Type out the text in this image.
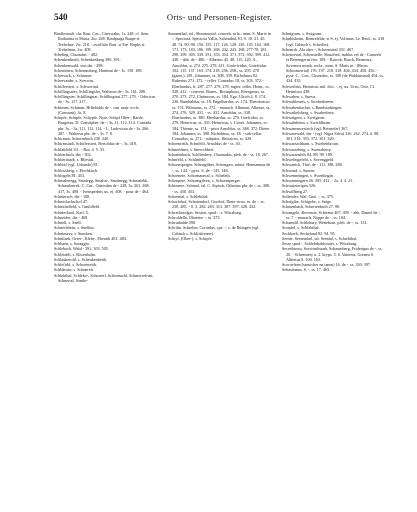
540	Orts- und Personen-Register.
Bindlesmah, chr. Rast. Cas., Ciserwahn, 1s. 248. cf. Sem. Ratharina et Maria, 2to. 248. Bindpurga Raape et Trehobne. 2w. 218. - zwölfahr Rast. st Ere. Rupbs st Trebelrinn, 2w. 408.
Scheling, Chunsdnt. - 482.
Schenkenberth, Schenkenberg 390. 391.
Schenkenwald, von der - 298.
Schernbern, Schernmberg, Hartmut de - 3s. 158. 188.
Schersack, s. Schirmer.
Schervaider, s. Scerwin.
Schiffersteri, s. Schwerind.
Schillingsafer, Schillingsfer, Walterus de - 3s. 161. 286.
Schillingster, Schillingstat, Schillingtrat 277. 279. - Odoricus de - 3s. 117. 217.
Schimen, Schimm, Hillebolds de -, can. majr. eccle. (Constant), 3s. 8.
Schipfe, Schipfe, Schypfe. Nyte, Schipf Ober-, Barde, Burgerau, D. Constipber. de -, 3s. 11. 112. 114. Conrada pbr. 3s. - 3s. 111. 112. 114. - L. Ludovicus de - 3s. 266. 287. - Walterus pbr. de -, 3s. 7. 8.
Schirmen, Schormbach 238. 240.
Schirmstadt, Schiffersteri, Bertoldus de -, 3s. 418.
Schlattfeld 111. - Rrn. 4. 5. 35.
Schlierbach, der - 302.
Schlieristadt, s. Bliestal.
Schlitzf (vgl. Urkunde) 81.
Schlossberg, s. Hochkirch.
Schlogeln 81. 453.
Schmalenegg, Smalegg, Smalrn-, Smalnegg, Schmalekk, Schmalenrek, C. Cur., Ottersdan de - 228, 3s. 261. 268. 417, 3s. 408. - Ivensperhtis ux. ej. 408. - pour de - 464.
Schmerach, die - 180.
Schmirlachschof 47.
Schmittelfeld, s. Gmildfeld.
Schnieckuel, Karl. 5.
Schneider, die - 469.
Schnell, s. Snell.
Schnerlehrin, s. Snelhin.
Schnimzvy, s. Snerken.
Schnilaek, Orrer-, Klein-, Eheraik 481. 484.
Schbaen, s. Soragglu.
Schlebach, Wald - 391. 303. 505.
Schleideli, s. Rosenholm.
Schlauherold, s. Schenkenberth.
Schlefirld, s. Schoenreith.
Schldesrin, s. Schnereit.
Schlebthal, Schlebo-, Schorrerl, Schoenachl, Schmerselrust, Schnertal, Sonthr-
Sonnenthal, tal., Sheonerntal, conweb, ncla., mim. S. Marie in -, Speciosa, Speciosa Vallis, Schönthal, El. 9. 10. 21. 45. 48. 74. 90. 98. 150. 155. 117. 126. 128. 130. 135. 164. 168. 171. 173. 183. 186. 199. 268. 242. 243. 268. 277-78. 281. 298. 299. 305. 339. 351. 353. 354. 371. 372. 392. 399. 412. 438. - abb. de - 486. - Albertus 45. 48. 115. 220. A., Arnoldus, u. 274. 275. 278. 411. Gode-fridus, Gotefridus 102. 115. 137. 163. 174. 218. 256. 258., ss. 205. 278 (gazet.). 281. Johannes, ss. 308. 339. Richolmus 82. Rubertus 271. 272. - celler. Conradus 18, ss. 303. 372. - Eberhardus, fr. 287. 277. 279. 278. mgter. celler. Heinr., ss. 328. 412. - convera. Bones., Borinphous, Boengrous, ss. 270. 273. 272. Chrimorus, ss. 184. Ego. Ulrich 4. 8. 174. 230. Rumbaldus, ss. 18. Engelhardus, ss. 174. Theodoricus ss. 174. Wilmarus, ss. 272. - monach. Albrmus, Alberae, ss. 274. 276. 329. 431. - ss. 431. Arnoldus, ss. 338. Eberhardus, ss. 380. Eberhardus, ss. 270. Goefridus, ss. 279. Heinricus, ss. 431. Heinricus, s. Crises. Johannes, ss. 184. Thieme, ss. 174. - prior Arnoldus, ss. 368. 372. Dieter 184. Johannes, ss. 398. Richolmus, ss. 18. - sub-cellar. Conradus, ss. 271. - subprior. Heinricus, ss. 329.
Schoenreith, Schnfeld, Arnoldus de - ss. 30.
Schnerbbert, s. Snewchbert.
Schonenbach, Schlienbery, Chunradus, pleb. de - ss. 18. 267.
Schnfeld, s. Schlinfeld.
Schoensperger, Schongüber, Schongaw, minst. Hermannus de -, ss. 144. - pyez. S. de - 145. 148.
Schoenere, Schoenaueral, s. Scheleth.
Schenpere, Schoengilven, s. Schoensperger.
Schienere, Schrnal, tal. C. Stpisch, Othertus pbr. de -, ss. 408. - ss. 430. 453.
Schoental, s. Schlebthal.
Schorlohof, Schorendorf, Gordorf, Diete-ricus, ss. de -, ss. 258. 285. - 0. 3. 282. 283. 313. 387. 397. 428. 432.
Schrecknodger, Sexton, spnd -, s. Würzburg.
Schroldella, Ohaerter -, ss. 375.
Schrutbalde 398.
Schrihn, Schrehte, Corradus, cpe. -, s. de Rüingen (vgl. Cabisch s. Schlittfrenne).
Schtyf, (Ober-), s. Schipfe.
Schnigrum, s. Swigrum.
Schnhlsheim, Rentrelelde, st S. ej. Volimus, Gr. Reul., ss. 418 (vgl. Cabisch s. Scherlin).
Schonrrh, Ala obre -, Schoensteal 331. 467.
Schenerstal, Schenstelle, Slnsofrrd, nublus vel de - Canrerle et Berrengerus frer. 109. - Buwob, Burch, Bermoux, Sovemos monh, socla., mim. S. Maris in - (Rivus Schosmerrtal) 176. 197. 218. 318. 404. 434. 450. 456. - pyse. C., Con., Chunrdus, ss. 108 (de Waldaustaul) 404, ss. 434. 435.
Schwerlein, Heinricus mil. dict. -, ej. ux. Ursu, Otto, Cl. Heinricus 438.
Schwaben, s. Sueva.
Schwablesees, s. Swebesheeen.
Schwabenbacher, s. Randstadtingen.
Schwaikelsberg, s. Swabesbery.
Schwaigern, s. Sweigerrn.
Schwalnheim, s. Swieldheim.
Schwanenwestrich (vgl. Reisnefer) 367.
Schwarzwald, der - (vgl. Nigra Silva) 236. 262. 274. 6. 88. 301. 314. 353. 372. 301. 320.
Schwarzachbarn, s. Swebenbroun.
Schwarzeberg, s. Swenzberry.
Schwarzenfels 84. 88. 98. 189.
Schwelmgefeld, s. Sovenggeld.
Schwanick, Thie, de - 111. 188. 288.
Schwend, s. Sueren.
Schwenneingen, s. Swenlingin.
Schwanningern 26. 305. 412. - 2a. 4. 4. 21.
Schwuieterigen 326.
Schwillberg 27.
Sollemler, Wal. Gmi. -, ss. 375.
Schoigibe, Schigebe, s. Snige.
Schmenbach, Schertenbach 27. 98.
Sovangele, Bovernie, Schiense 407. 409. - abb. Daniel de -, ss. 7. - monach. Noppe de -, ss. 104.
Scharndil, Schlebury, Weneborn, pleb. de -, ss. 131.
Scondel, s. Schlebthal.
Seckbach, Seckeland 82. 94. 95.
Seeser, Seesembel, tal. Seental, s. Schiebthal.
Sesse spud -, Schlebthabiscuter, s. Würzburg.
Secretbursu, Sovwinthurnb, Schaumberg, Friderigus de -, ss. 26. - Scheentery u. 2. kryps. 5. 6. Vaterms, Gorneu 6. Albertus 8. 100. 163.
Scoroefeen (sansicher na tanns) 16. de -, ss. 330. 397.
Sebastianus, S. -, ss. 17. 465.
